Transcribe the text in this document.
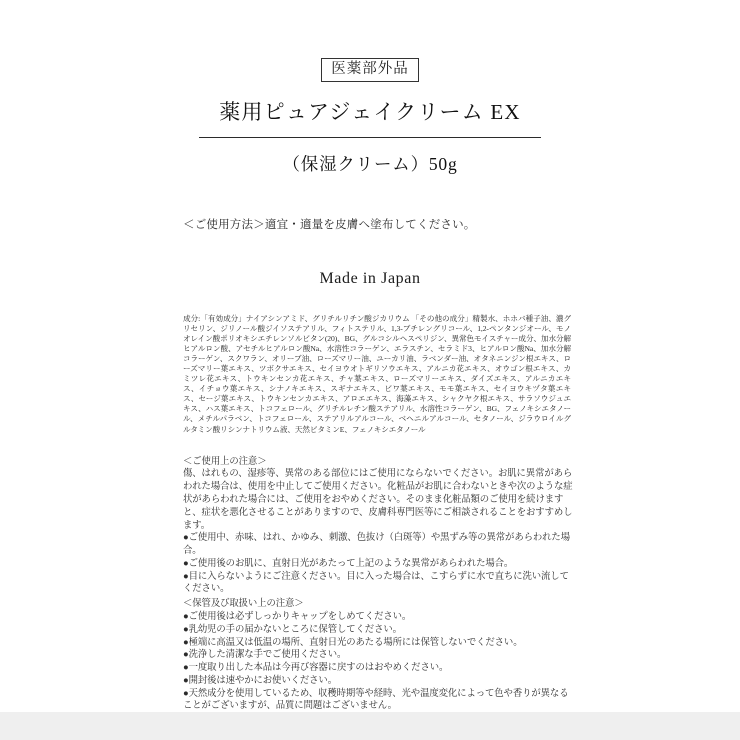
医薬部外品
薬用ピュアジェイクリーム EX
（保湿クリーム）50g
＜ご使用方法＞適宜・適量を皮膚へ塗布してください。
Made in Japan
成分:「有効成分」ナイアシンアミド、グリチルリチン酸ジカリウム 「その他の成分」精製水、ホホバ種子油、濃グリセリン、ジリノール酸ジイソステアリル、フィトステリル、1,3-ブチレングリコール、1,2-ペンタンジオール、モノオレイン酸ポリオキシエチレンソルビタン(20)、BG、グルコシルヘスペリジン、異常色モイスチャー成分、加水分解ヒアルロン酸、アセチルヒアルロン酸Na、水溶性コラーゲン、エラスチン、セラミド3、ヒアルロン酸Na、加水分解コラーゲン、スクワラン、オリーブ油、ローズマリー油、ユーカリ油、ラベンダー油、オタネニンジン根エキス、ローズマリー葉エキス、ツボクサエキス、セイヨウオトギリソウエキス、アルニカ花エキス、オウゴン根エキス、カミツレ花エキス、トウキンセンカ花エキス、チャ葉エキス、ローズマリーエキス、ダイズエキス、アルニカエキス、イチョウ葉エキス、シナノキエキス、スギナエキス、ビワ葉エキス、モモ葉エキス、セイヨウキヅタ葉エキス、セージ葉エキス、トウキンセンカエキス、アロエエキス、海藻エキス、シャクヤク根エキス、サラソウジュエキス、ハス葉エキス、トコフェロール、グリチルレチン酸ステアリル、水溶性コラーゲン、BG、フェノキシエタノール、メチルパラベン、トコフェロール、ステアリルアルコール、ベヘニルアルコール、セタノール、ジラウロイルグルタミン酸リシンナトリウム液、天然ビタミンE、フェノキシエタノール

＜ご使用上の注意＞

傷、はれもの、湿疹等、異常のある部位にはご使用にならないでください。お肌に異常があらわれた場合は、使用を中止してご使用ください。化粧品がお肌に合わないときや次のような症状があらわれた場合には、ご使用をおやめください。そのまま化粧品類のご使用を続けますと、症状を悪化させることがありますので、皮膚科専門医等にご相談されることをおすすめします。

●ご使用中、赤味、はれ、かゆみ、刺激、色抜け（白斑等）や黒ずみ等の異常があらわれた場合。

●ご使用後のお肌に、直射日光があたって上記のような異常があらわれた場合。

●目に入らないようにご注意ください。目に入った場合は、こすらずに水で直ちに洗い流してください。

＜保管及び取扱い上の注意＞

●ご使用後は必ずしっかりキャップをしめてください。

●乳幼児の手の届かないところに保管してください。

●極端に高温又は低温の場所、直射日光のあたる場所には保管しないでください。

●洗浄した清潔な手でご使用ください。

●一度取り出した本品は今再び容器に戻すのはおやめください。

●開封後は速やかにお使いください。

●天然成分を使用しているため、収穫時期等や経時、光や温度変化によって色や香りが異なることがございますが、品質に問題はございません。
